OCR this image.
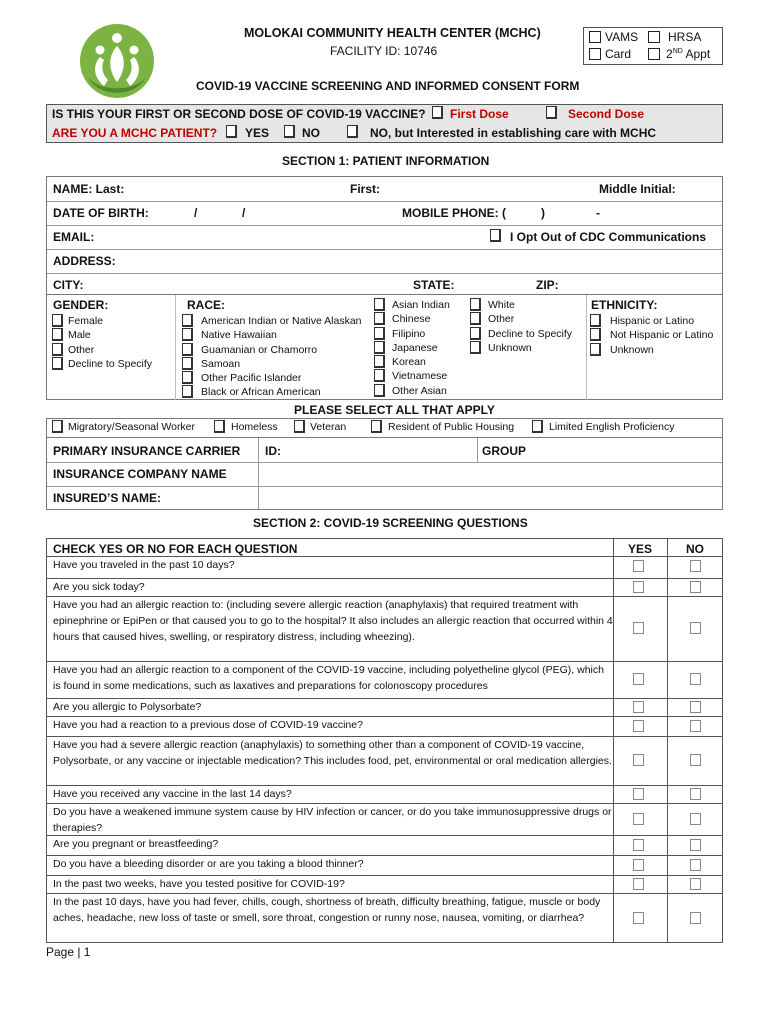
MOLOKAI COMMUNITY HEALTH CENTER (MCHC)
FACILITY ID: 10746
VAMS HRSA
Card	2ND Appt
COVID-19 VACCINE SCREENING AND INFORMED CONSENT FORM
IS THIS YOUR FIRST OR SECOND DOSE OF COVID-19 VACCINE? First Dose	Second Dose
ARE YOU A MCHC PATIENT? YES	NO	NO, but Interested in establishing care with MCHC
SECTION 1: PATIENT INFORMATION
NAME: Last:	First:	Middle Initial:
DATE OF BIRTH:	/	/	MOBILE PHONE: (	)	-
EMAIL:	I Opt Out of CDC Communications
ADDRESS:
CITY:	STATE:	ZIP:
GENDER:
Female
Male
Other
Decline to Specify
RACE:
American Indian or Native Alaskan
Native Hawaiian
Guamanian or Chamorro
Samoan
Other Pacific Islander
Black or African American
Asian Indian
Chinese
Filipino
Japanese
Korean
Vietnamese
Other Asian
White
Other
Decline to Specify
Unknown
ETHNICITY:
Hispanic or Latino
Not Hispanic or Latino
Unknown
PLEASE SELECT ALL THAT APPLY
Migratory/Seasonal Worker	Homeless	Veteran	Resident of Public Housing	Limited English Proficiency
PRIMARY INSURANCE CARRIER ID:	GROUP
INSURANCE COMPANY NAME
INSURED’S NAME:
SECTION 2: COVID-19 SCREENING QUESTIONS
CHECK YES OR NO FOR EACH QUESTION	YES	NO
Have you traveled in the past 10 days?
Are you sick today?
Have you had an allergic reaction to: (including severe allergic reaction (anaphylaxis) that required treatment with epinephrine or EpiPen or that caused you to go to the hospital? It also includes an allergic reaction that occurred within 4 hours that caused hives, swelling, or respiratory distress, including wheezing).
Have you had an allergic reaction to a component of the COVID-19 vaccine, including polyetheline glycol (PEG), which is found in some medications, such as laxatives and preparations for colonoscopy procedures
Are you allergic to Polysorbate?
Have you had a reaction to a previous dose of COVID-19 vaccine?
Have you had a severe allergic reaction (anaphylaxis) to something other than a component of COVID-19 vaccine, Polysorbate, or any vaccine or injectable medication? This includes food, pet, environmental or oral medication allergies.
Have you received any vaccine in the last 14 days?
Do you have a weakened immune system cause by HIV infection or cancer, or do you take immunosuppressive drugs or therapies?
Are you pregnant or breastfeeding?
Do you have a bleeding disorder or are you taking a blood thinner?
In the past two weeks, have you tested positive for COVID-19?
In the past 10 days, have you had fever, chills, cough, shortness of breath, difficulty breathing, fatigue, muscle or body aches, headache, new loss of taste or smell, sore throat, congestion or runny nose, nausea, vomiting, or diarrhea?
Page | 1
